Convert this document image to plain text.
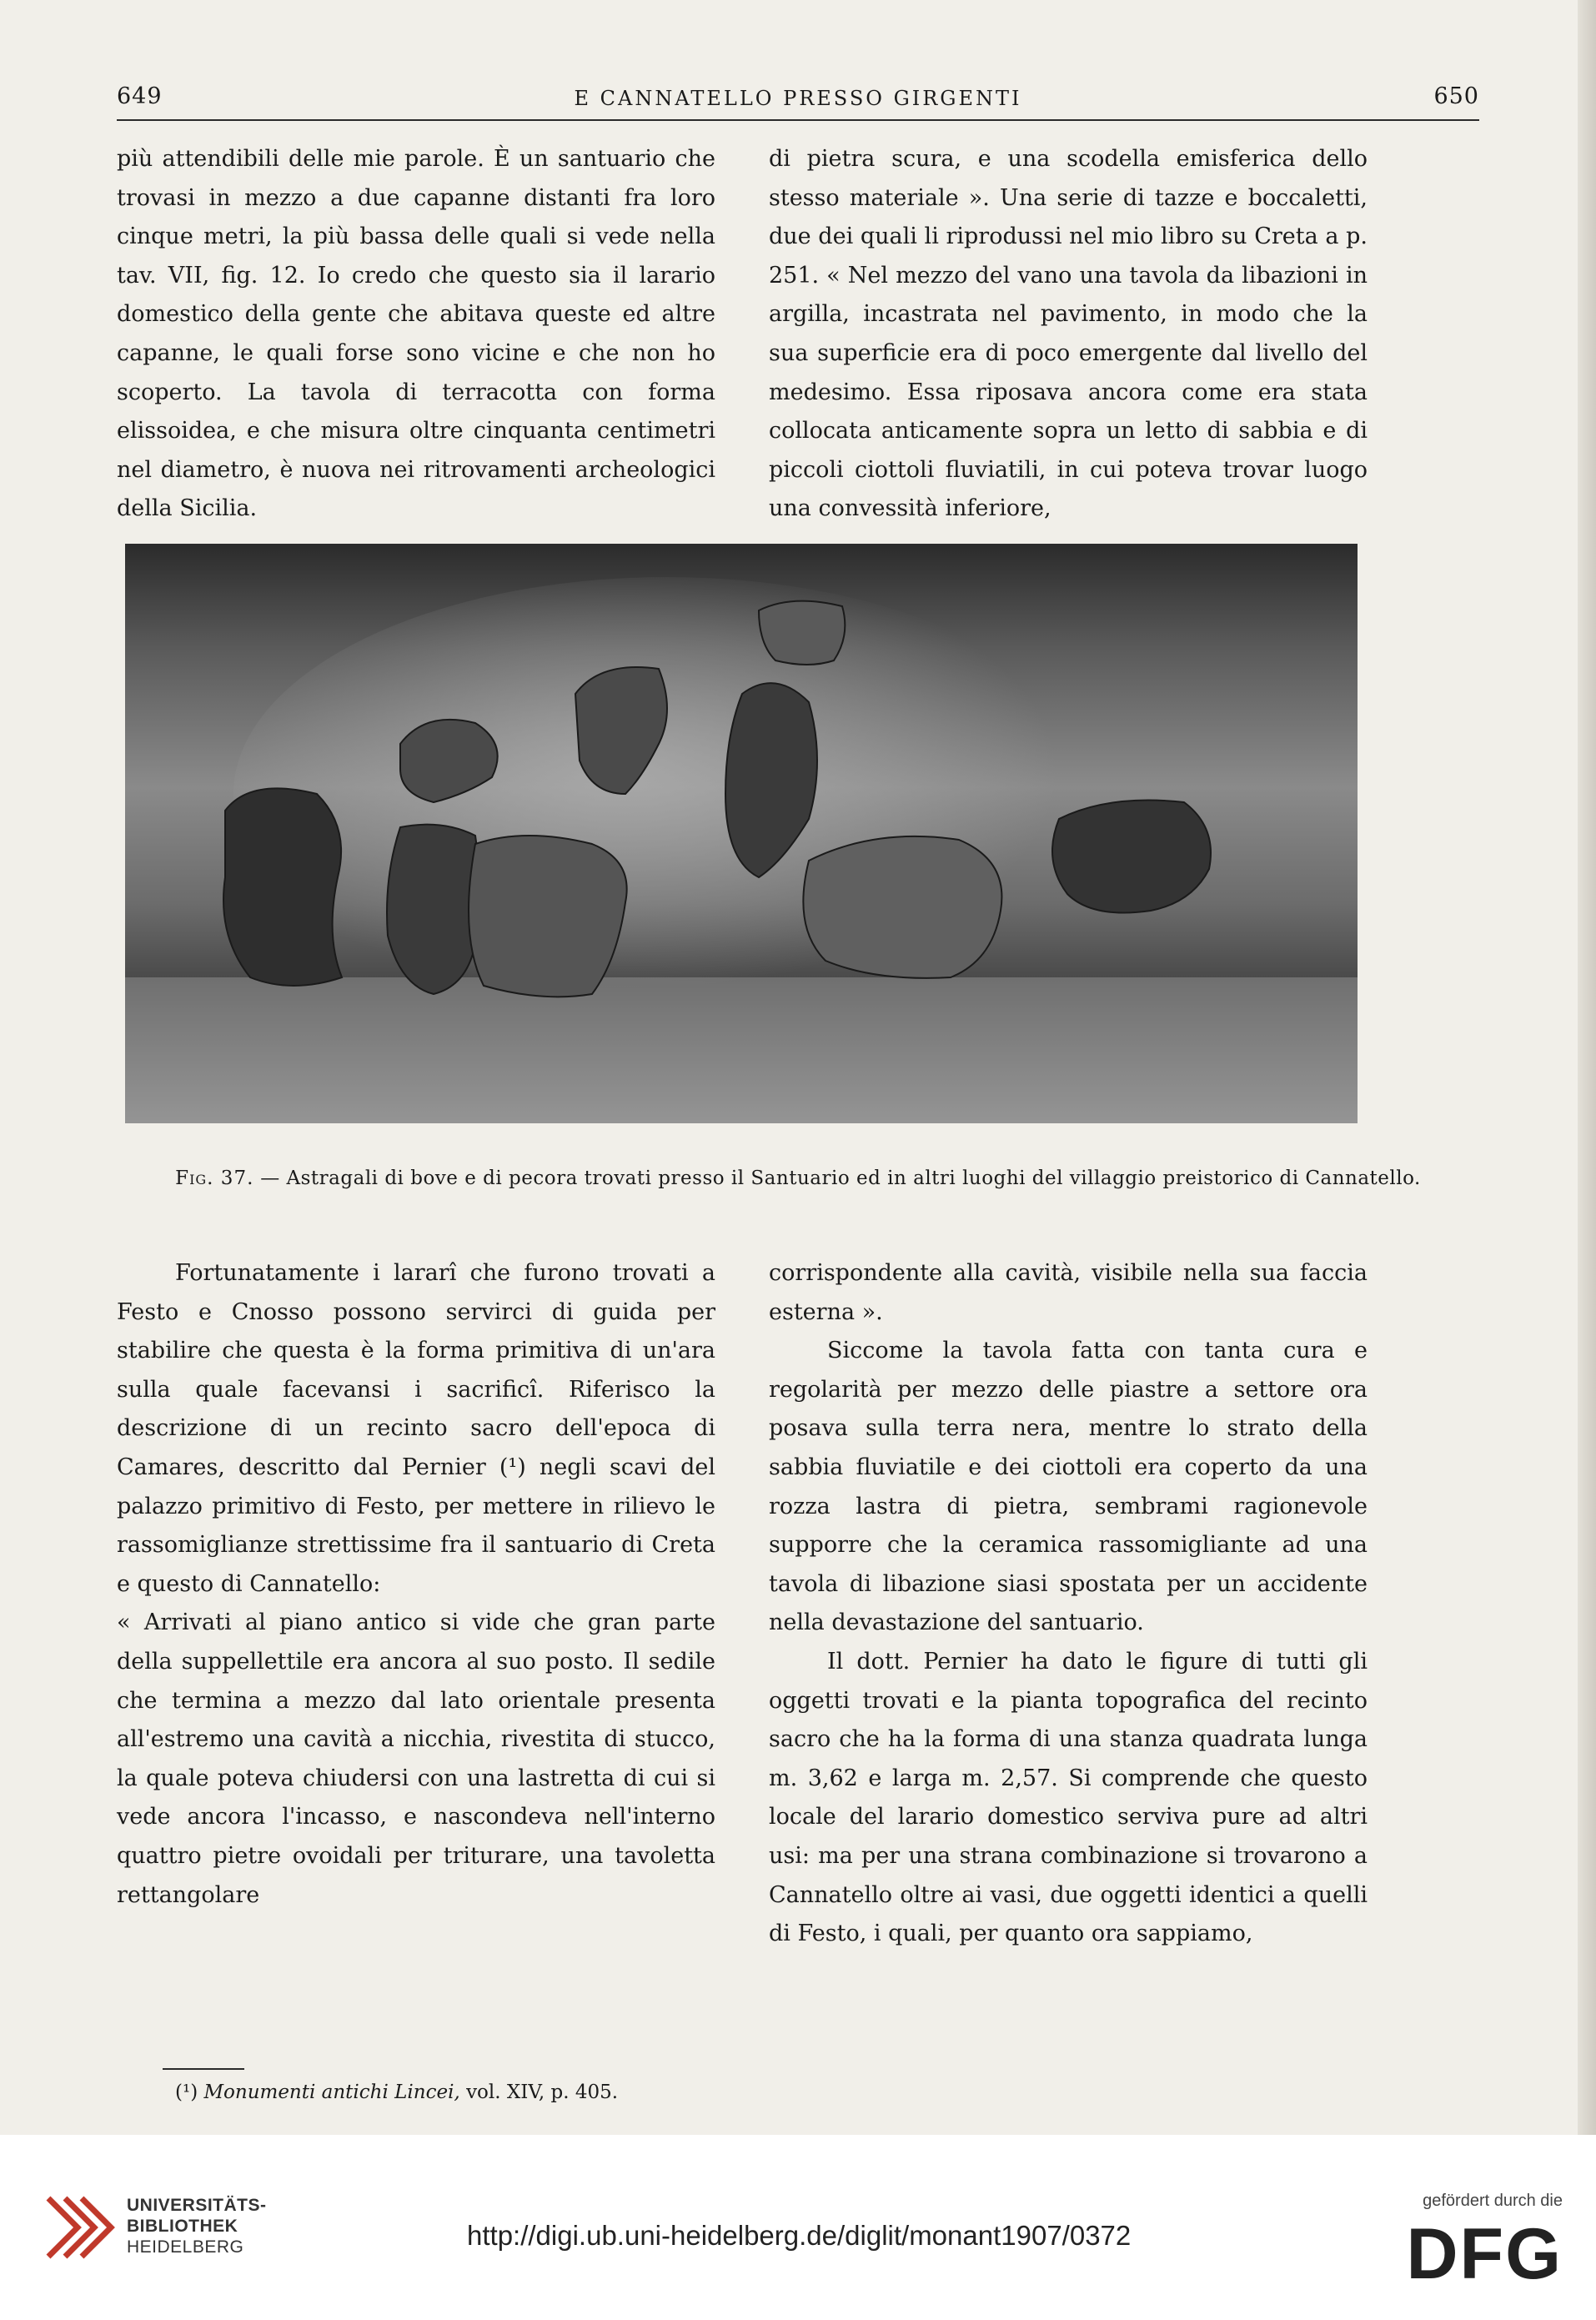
649	E CANNATELLO PRESSO GIRGENTI	650

più attendibili delle mie parole. È un santuario che trovasi in mezzo a due capanne distanti fra loro cinque metri, la più bassa delle quali si vede nella tav. VII, fig. 12. Io credo che questo sia il larario domestico della gente che abitava queste ed altre capanne, le quali forse sono vicine e che non ho scoperto. La tavola di terracotta con forma elissoidea, e che misura oltre cinquanta centimetri nel diametro, è nuova nei ritrovamenti archeologici della Sicilia.

di pietra scura, e una scodella emisferica dello stesso materiale ». Una serie di tazze e boccaletti, due dei quali li riprodussi nel mio libro su Creta a p. 251. « Nel mezzo del vano una tavola da libazioni in argilla, incastrata nel pavimento, in modo che la sua superficie era di poco emergente dal livello del medesimo. Essa riposava ancora come era stata collocata anticamente sopra un letto di sabbia e di piccoli ciottoli fluviatili, in cui poteva trovar luogo una convessità inferiore,

Fig. 37. — Astragali di bove e di pecora trovati presso il Santuario ed in altri luoghi del villaggio preistorico di Cannatello.

Fortunatamente i lararî che furono trovati a Festo e Cnosso possono servirci di guida per stabilire che questa è la forma primitiva di un'ara sulla quale facevansi i sacrificî. Riferisco la descrizione di un recinto sacro dell'epoca di Camares, descritto dal Pernier (¹) negli scavi del palazzo primitivo di Festo, per mettere in rilievo le rassomiglianze strettissime fra il santuario di Creta e questo di Cannatello:

« Arrivati al piano antico si vide che gran parte della suppellettile era ancora al suo posto. Il sedile che termina a mezzo dal lato orientale presenta all'estremo una cavità a nicchia, rivestita di stucco, la quale poteva chiudersi con una lastretta di cui si vede ancora l'incasso, e nascondeva nell'interno quattro pietre ovoidali per triturare, una tavoletta rettangolare

(¹) Monumenti antichi Lincei, vol. XIV, p. 405.

corrispondente alla cavità, visibile nella sua faccia esterna ».

Siccome la tavola fatta con tanta cura e regolarità per mezzo delle piastre a settore ora posava sulla terra nera, mentre lo strato della sabbia fluviatile e dei ciottoli era coperto da una rozza lastra di pietra, sembrami ragionevole supporre che la ceramica rassomigliante ad una tavola di libazione siasi spostata per un accidente nella devastazione del santuario.

Il dott. Pernier ha dato le figure di tutti gli oggetti trovati e la pianta topografica del recinto sacro che ha la forma di una stanza quadrata lunga m. 3,62 e larga m. 2,57. Si comprende che questo locale del larario domestico serviva pure ad altri usi: ma per una strana combinazione si trovarono a Cannatello oltre ai vasi, due oggetti identici a quelli di Festo, i quali, per quanto ora sappiamo,

UNIVERSITÄTS-
BIBLIOTHEK
HEIDELBERG	http://digi.ub.uni-heidelberg.de/diglit/monant1907/0372
gefördert durch die
DFG
